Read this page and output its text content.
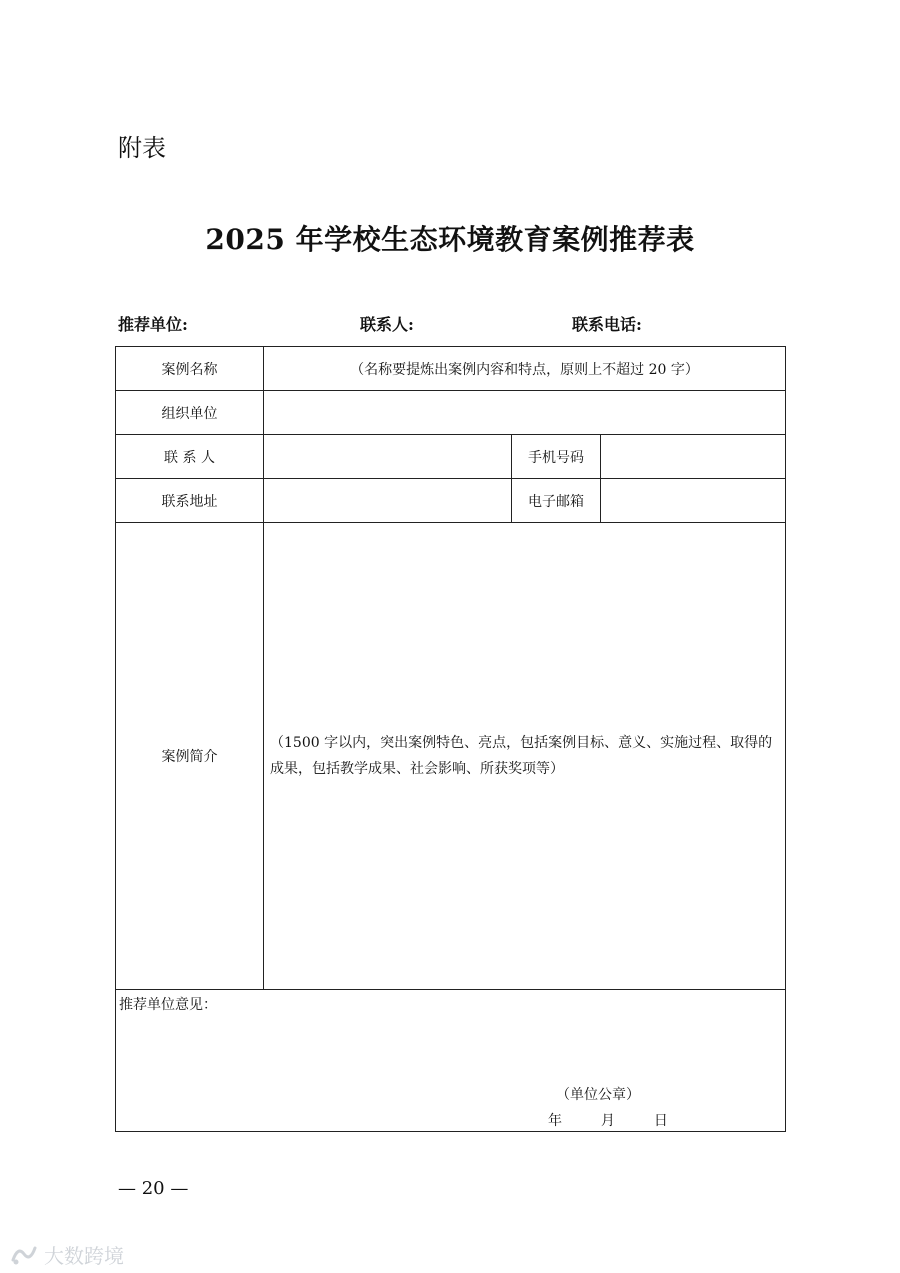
附表
2025 年学校生态环境教育案例推荐表
推荐单位:	联系人:	联系电话:
案例名称	（名称要提炼出案例内容和特点，原则上不超过 20 字）		
组织单位			
联 系 人		手机号码	
联系地址		电子邮箱	
案例简介	（1500 字以内，突出案例特色、亮点，包括案例目标、意义、实施过程、取得的成果，包括教学成果、社会影响、所获奖项等）		

推荐单位意见：
（单位公章）
年 月 日			
— 20 —
大数跨境
